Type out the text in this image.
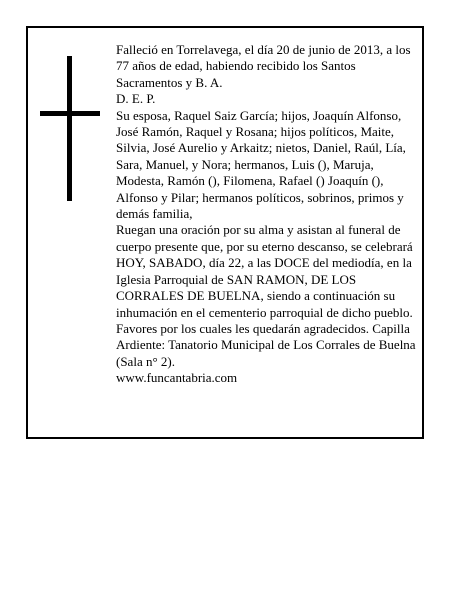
Falleció en Torrelavega, el día 20 de junio de 2013, a los 77 años de edad, habiendo recibido los Santos Sacramentos y B. A.

D. E. P.

Su esposa, Raquel Saiz García; hijos, Joaquín Alfonso, José Ramón, Raquel y Rosana; hijos políticos, Maite, Silvia, José Aurelio y Arkaitz; nietos, Daniel, Raúl, Lía, Sara, Manuel, y Nora; hermanos, Luis (), Maruja, Modesta, Ramón (), Filomena, Rafael () Joaquín (), Alfonso y Pilar; hermanos políticos, sobrinos, primos y demás familia,

Ruegan una oración por su alma y asistan al funeral de cuerpo presente que, por su eterno descanso, se celebrará HOY, SABADO, día 22, a las DOCE del mediodía, en la Iglesia Parroquial de SAN RAMON, DE LOS CORRALES DE BUELNA, siendo a continuación su inhumación en el cementerio parroquial de dicho pueblo. Favores por los cuales les quedarán agradecidos. Capilla Ardiente: Tanatorio Municipal de Los Corrales de Buelna (Sala n° 2).

www.funcantabria.com
